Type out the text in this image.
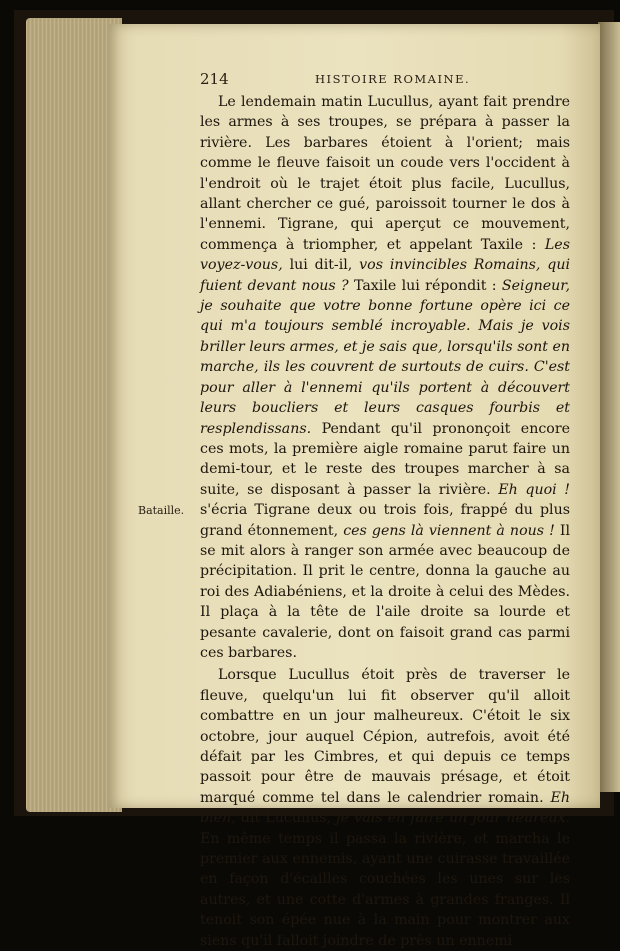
214	HISTOIRE ROMAINE.
Bataille.

Le lendemain matin Lucullus, ayant fait prendre les armes à ses troupes, se prépara à passer la rivière. Les barbares étoient à l'orient; mais comme le fleuve faisoit un coude vers l'occident à l'endroit où le trajet étoit plus facile, Lucullus, allant chercher ce gué, paroissoit tourner le dos à l'ennemi. Tigrane, qui aperçut ce mouvement, commença à triompher, et appelant Taxile : Les voyez-vous, lui dit-il, vos invincibles Romains, qui fuient devant nous ? Taxile lui répondit : Seigneur, je souhaite que votre bonne fortune opère ici ce qui m'a toujours semblé incroyable. Mais je vois briller leurs armes, et je sais que, lorsqu'ils sont en marche, ils les couvrent de surtouts de cuirs. C'est pour aller à l'ennemi qu'ils portent à découvert leurs boucliers et leurs casques fourbis et resplendissans. Pendant qu'il prononçoit encore ces mots, la première aigle romaine parut faire un demi-tour, et le reste des troupes marcher à sa suite, se disposant à passer la rivière. Eh quoi ! s'écria Tigrane deux ou trois fois, frappé du plus grand étonnement, ces gens là viennent à nous ! Il se mit alors à ranger son armée avec beaucoup de précipitation. Il prit le centre, donna la gauche au roi des Adiabéniens, et la droite à celui des Mèdes. Il plaça à la tête de l'aile droite sa lourde et pesante cavalerie, dont on faisoit grand cas parmi ces barbares.

Lorsque Lucullus étoit près de traverser le fleuve, quelqu'un lui fit observer qu'il alloit combattre en un jour malheureux. C'étoit le six octobre, jour auquel Cépion, autrefois, avoit été défait par les Cimbres, et qui depuis ce temps passoit pour être de mauvais présage, et étoit marqué comme tel dans le calendrier romain. Eh bien, dit Lucullus, je vais en faire un jour heureux. En même temps il passa la rivière, et marcha le premier aux ennemis, ayant une cuirasse travaillée en façon d'écailles couchées les unes sur les autres, et une cotte d'armes à grandes franges. Il tenoit son épée nue à la main pour montrer aux siens qu'il falloit joindre de près un ennemi
